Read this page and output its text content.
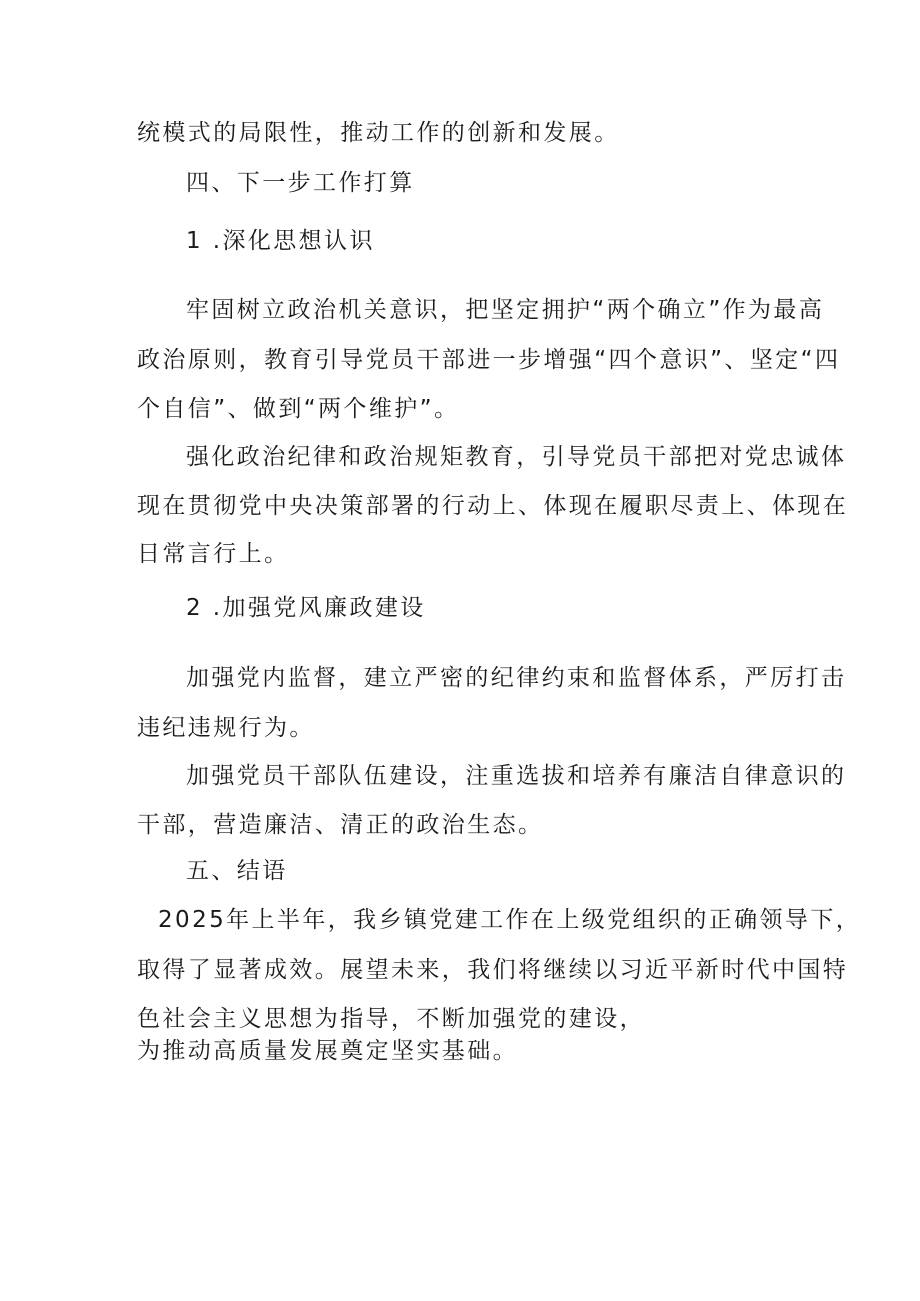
统模式的局限性，推动工作的创新和发展。
四、下一步工作打算
1 .深化思想认识
牢固树立政治机关意识，把坚定拥护“两个确立”作为最高
政治原则，教育引导党员干部进一步增强“四个意识”、坚定“四
个自信”、做到“两个维护”。
强化政治纪律和政治规矩教育，引导党员干部把对党忠诚体
现在贯彻党中央决策部署的行动上、体现在履职尽责上、体现在
日常言行上。
2 .加强党风廉政建设
加强党内监督，建立严密的纪律约束和监督体系，严厉打击
违纪违规行为。
加强党员干部队伍建设，注重选拔和培养有廉洁自律意识的
干部，营造廉洁、清正的政治生态。
五、结语
2025年上半年，我乡镇党建工作在上级党组织的正确领导下，
取得了显著成效。展望未来，我们将继续以习近平新时代中国特
色社会主义思想为指导，不断加强党的建设，
为推动高质量发展奠定坚实基础。
